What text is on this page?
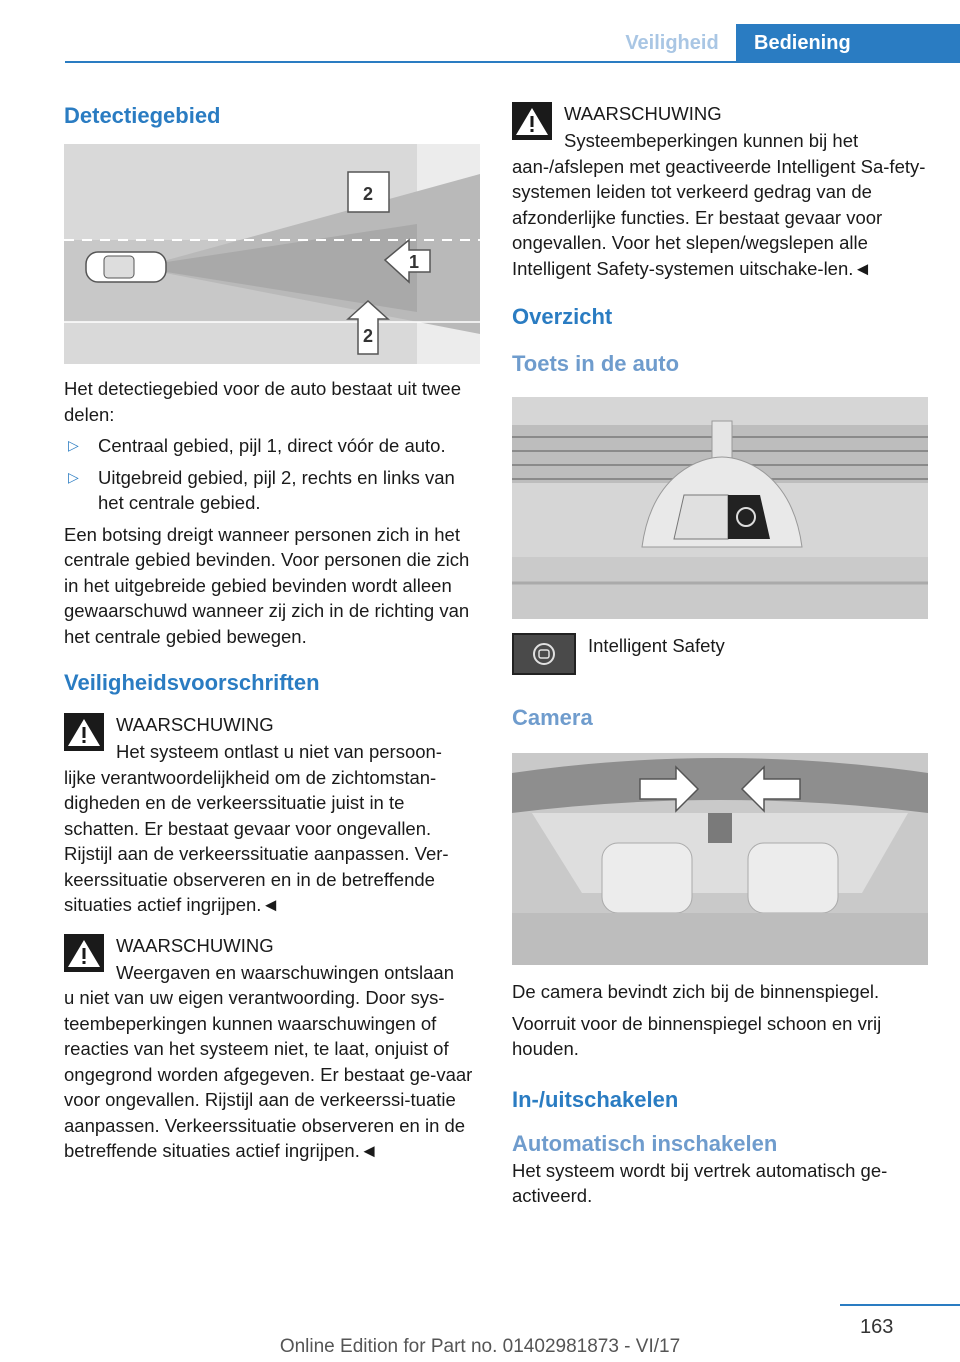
Veiligheid	Bediening
Detectiegebied
2
1
2

Het detectiegebied voor de auto bestaat uit twee delen:

▷ Centraal gebied, pijl 1, direct vóór de auto.
▷ Uitgebreid gebied, pijl 2, rechts en links van het centrale gebied.

Een botsing dreigt wanneer personen zich in het centrale gebied bevinden. Voor personen die zich in het uitgebreide gebied bevinden wordt alleen gewaarschuwd wanneer zij zich in de richting van het centrale gebied bewegen.

Veiligheidsvoorschriften
WAARSCHUWING

Het systeem ontlast u niet van persoon-

lijke verantwoordelijkheid om de zichtomstan-digheden en de verkeerssituatie juist in te schatten. Er bestaat gevaar voor ongevallen. Rijstijl aan de verkeerssituatie aanpassen. Ver-keerssituatie observeren en in de betreffende situaties actief ingrijpen.◄

WAARSCHUWING

Weergaven en waarschuwingen ontslaan

u niet van uw eigen verantwoording. Door sys-teembeperkingen kunnen waarschuwingen of reacties van het systeem niet, te laat, onjuist of ongegrond worden afgegeven. Er bestaat ge-vaar voor ongevallen. Rijstijl aan de verkeerssi-tuatie aanpassen. Verkeerssituatie observeren en in de betreffende situaties actief ingrijpen.◄

WAARSCHUWING

Systeembeperkingen kunnen bij het

aan-/afslepen met geactiveerde Intelligent Sa-fety-systemen leiden tot verkeerd gedrag van de afzonderlijke functies. Er bestaat gevaar voor ongevallen. Voor het slepen/wegslepen alle Intelligent Safety-systemen uitschake-len.◄

Overzicht
Toets in de auto
Intelligent Safety
Camera

De camera bevindt zich bij de binnenspiegel.

Voorruit voor de binnenspiegel schoon en vrij houden.

In-/uitschakelen
Automatisch inschakelen

Het systeem wordt bij vertrek automatisch ge-activeerd.

163
Online Edition for Part no. 01402981873 - VI/17
